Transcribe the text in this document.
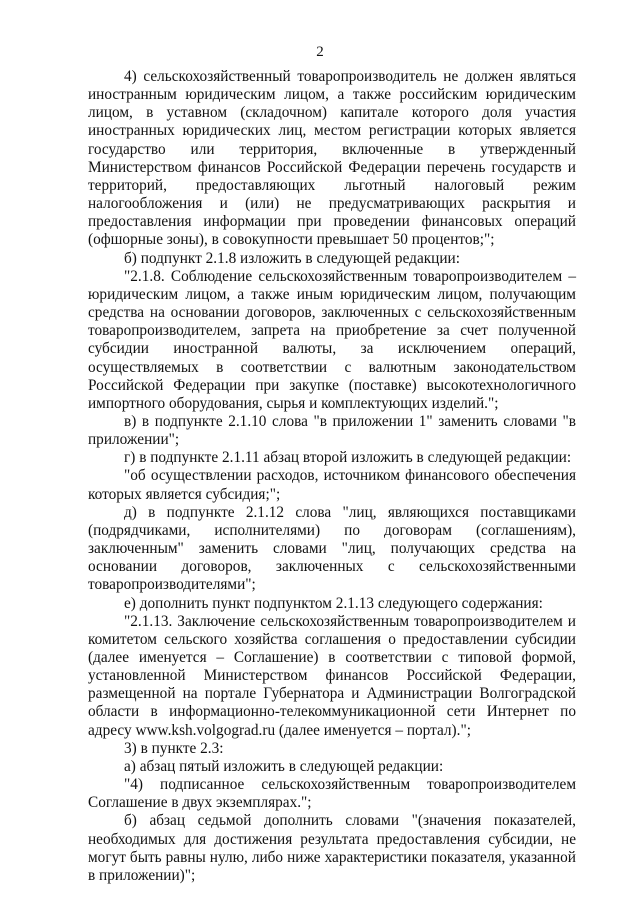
2

4) сельскохозяйственный товаропроизводитель не должен являться иностранным юридическим лицом, а также российским юридическим лицом, в уставном (складочном) капитале которого доля участия иностранных юридических лиц, местом регистрации которых является государство или территория, включенные в утвержденный Министерством финансов Российской Федерации перечень государств и территорий, предоставляющих льготный налоговый режим налогообложения и (или) не предусматривающих раскрытия и предоставления информации при проведении финансовых операций (офшорные зоны), в совокупности превышает 50 процентов;";

б) подпункт 2.1.8 изложить в следующей редакции:

"2.1.8. Соблюдение сельскохозяйственным товаропроизводителем – юридическим лицом, а также иным юридическим лицом, получающим средства на основании договоров, заключенных с сельскохозяйственным товаропроизводителем, запрета на приобретение за счет полученной субсидии иностранной валюты, за исключением операций, осуществляемых в соответствии с валютным законодательством Российской Федерации при закупке (поставке) высокотехнологичного импортного оборудования, сырья и комплектующих изделий.";

в) в подпункте 2.1.10 слова "в приложении 1" заменить словами "в приложении";

г) в подпункте 2.1.11 абзац второй изложить в следующей редакции:

"об осуществлении расходов, источником финансового обеспечения которых является субсидия;";

д) в подпункте 2.1.12 слова "лиц, являющихся поставщиками (подрядчиками, исполнителями) по договорам (соглашениям), заключенным" заменить словами "лиц, получающих средства на основании договоров, заключенных с сельскохозяйственными товаропроизводителями";

е) дополнить пункт подпунктом 2.1.13 следующего содержания:

"2.1.13. Заключение сельскохозяйственным товаропроизводителем и комитетом сельского хозяйства соглашения о предоставлении субсидии (далее именуется – Соглашение) в соответствии с типовой формой, установленной Министерством финансов Российской Федерации, размещенной на портале Губернатора и Администрации Волгоградской области в информационно-телекоммуникационной сети Интернет по адресу www.ksh.volgograd.ru (далее именуется – портал).";

3) в пункте 2.3:

а) абзац пятый изложить в следующей редакции:

"4) подписанное сельскохозяйственным товаропроизводителем Соглашение в двух экземплярах.";

б) абзац седьмой дополнить словами "(значения показателей, необходимых для достижения результата предоставления субсидии, не могут быть равны нулю, либо ниже характеристики показателя, указанной в приложении)";
